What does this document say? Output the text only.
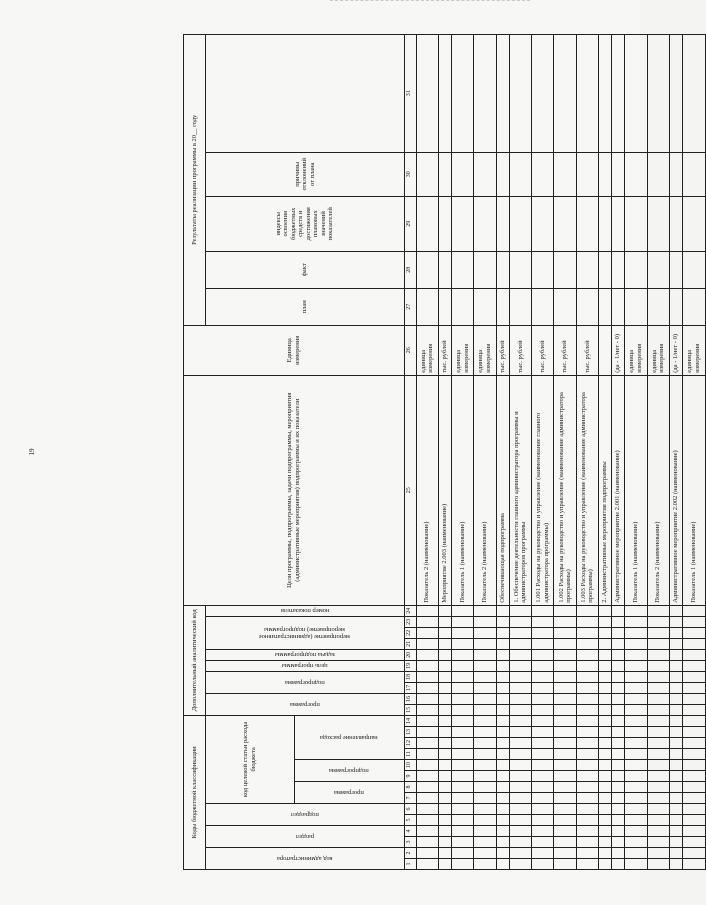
19
Коды бюджетной классификации														Дополнительный аналитический код										Цели программы, подпрограммы, задачи подпрограммы, мероприятия (административные мероприятия) подпрограммы и их показатели	Единица измерения	Результаты реализации программы в 20__ году	

код администратора		раздел		подраздел		код целевой статьи расхода бюджета								программа		подпрограмма		цель программы	задача подпрограммы	мероприятие (административное мероприятие) подпрограммы			номер показателя			план	факт	индексы освоения бюджетных средств и достижения плановых значений показателей	причины отклонений от плана		

						программа		подпрограмма		направление расхода																					

1	2	3	4	5	6	7	8	9	10	11	12	13	14	15	16	17	18	19	20	21	22	23	24	25	26	27	28	29	30	31	
																								Показатель 2 (наименование)	единица измерения						
																								Мероприятие 2.003 (наименование)	тыс. рублей						
																								Показатель 1 (наименование)	единица измерения						
																								Показатель 2 (наименование)	единица измерения						
																								Обеспечивающая подпрограмма	тыс. рублей						
																								1. Обеспечение деятельности главного администратора программы и администраторов программы	тыс. рублей						
																								1.001 Расходы на руководство и управление (наименование главного администратора программы)	тыс. рублей						
																								1.002 Расходы на руководство и управление (наименование администратора программы)	тыс. рублей						
																								1.003 Расходы на руководство и управление (наименование администратора программы)	тыс. рублей						
																								2. Административные мероприятия подпрограммы							
																								Административное мероприятие 2.001 (наименование)	(да - 1/нет - 0)						
																								Показатель 1 (наименование)	единица измерения						
																								Показатель 2 (наименование)	единица измерения						
																								Административное мероприятие 2.002 (наименование)	(да - 1/нет - 0)						
																								Показатель 1 (наименование)	единица измерения						
